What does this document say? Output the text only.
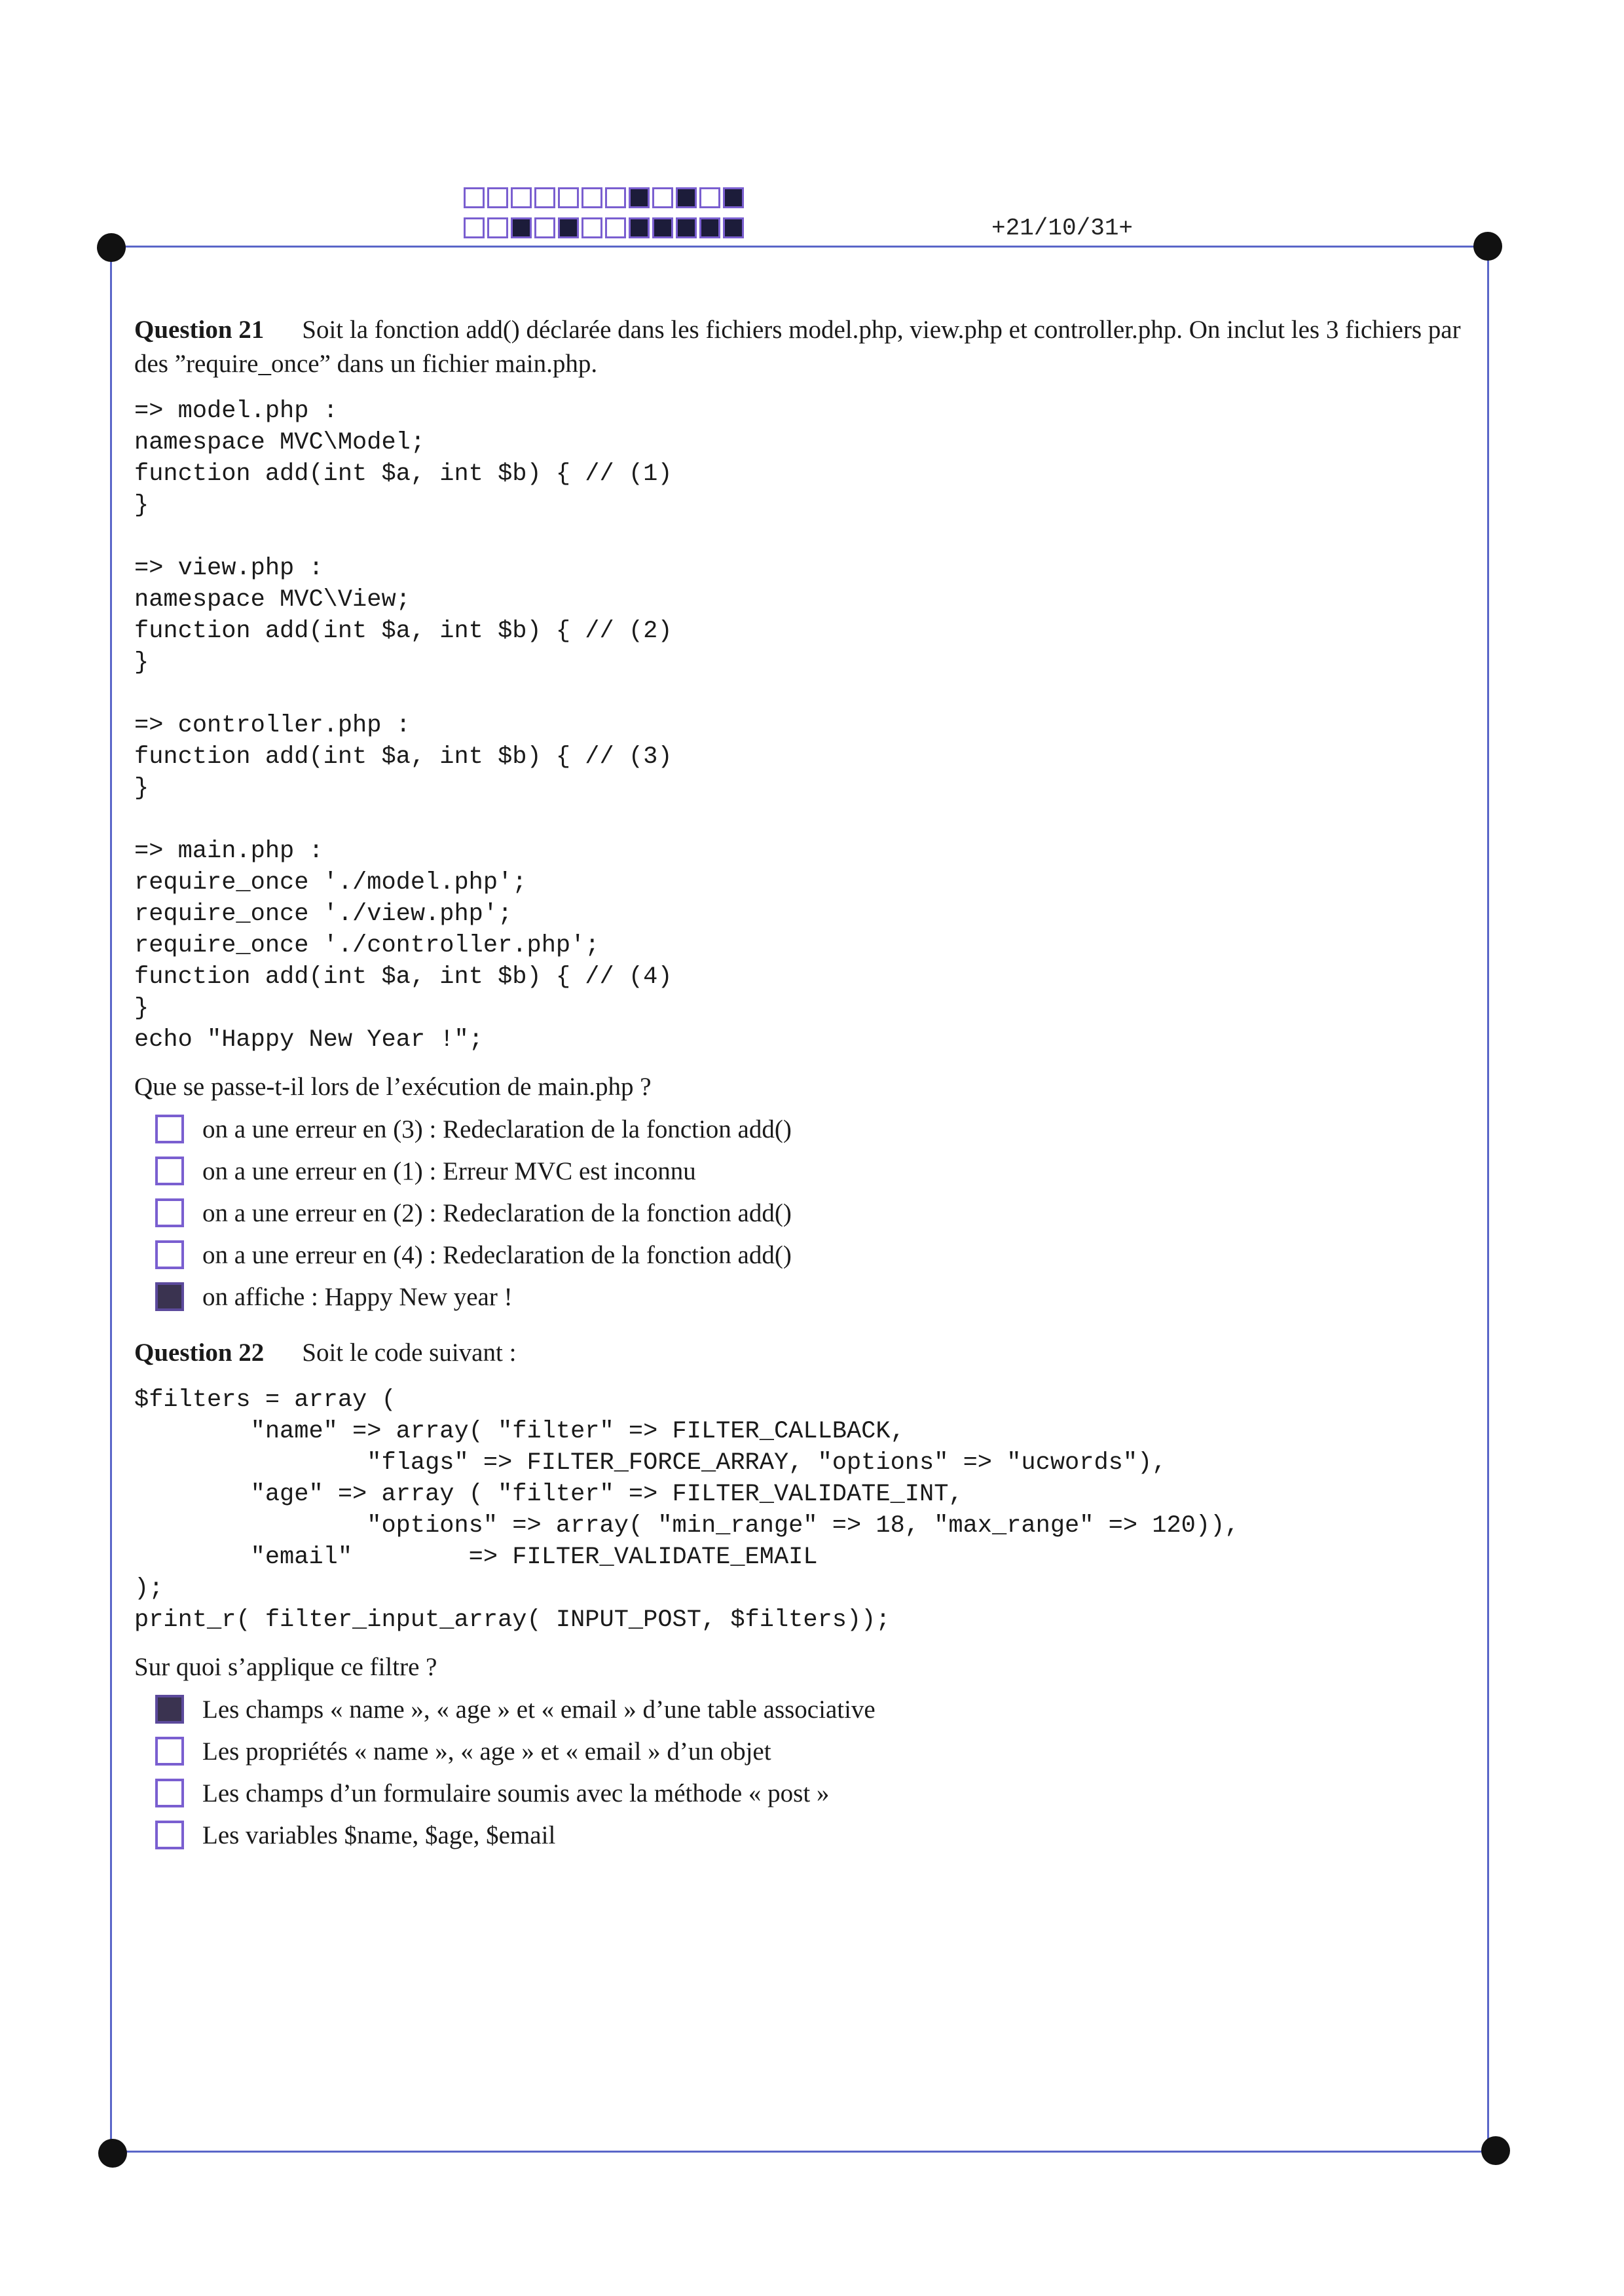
+21/10/31+

Question 21 Soit la fonction add() déclarée dans les fichiers model.php, view.php et controller.php. On inclut les 3 fichiers par des ”require_once” dans un fichier main.php.

=> model.php :
namespace MVC\Model;
function add(int $a, int $b) { // (1)
}
=> view.php :
namespace MVC\View;
function add(int $a, int $b) { // (2)
}
=> controller.php :
function add(int $a, int $b) { // (3)
}
=> main.php :
require_once './model.php';
require_once './view.php';
require_once './controller.php';
function add(int $a, int $b) { // (4)
}
echo "Happy New Year !";

Que se passe-t-il lors de l’exécution de main.php ?

on a une erreur en (3) : Redeclaration de la fonction add()
on a une erreur en (1) : Erreur MVC est inconnu
on a une erreur en (2) : Redeclaration de la fonction add()
on a une erreur en (4) : Redeclaration de la fonction add()
on affiche : Happy New year !

Question 22 Soit le code suivant :

$filters = array (
"name" => array( "filter" => FILTER_CALLBACK,
"flags" => FILTER_FORCE_ARRAY, "options" => "ucwords"),
"age" => array ( "filter" => FILTER_VALIDATE_INT,
"options" => array( "min_range" => 18, "max_range" => 120)),
"email"        => FILTER_VALIDATE_EMAIL
);
print_r( filter_input_array( INPUT_POST, $filters));

Sur quoi s’applique ce filtre ?

Les champs « name », « age » et « email » d’une table associative
Les propriétés « name », « age » et « email » d’un objet
Les champs d’un formulaire soumis avec la méthode « post »
Les variables $name, $age, $email
